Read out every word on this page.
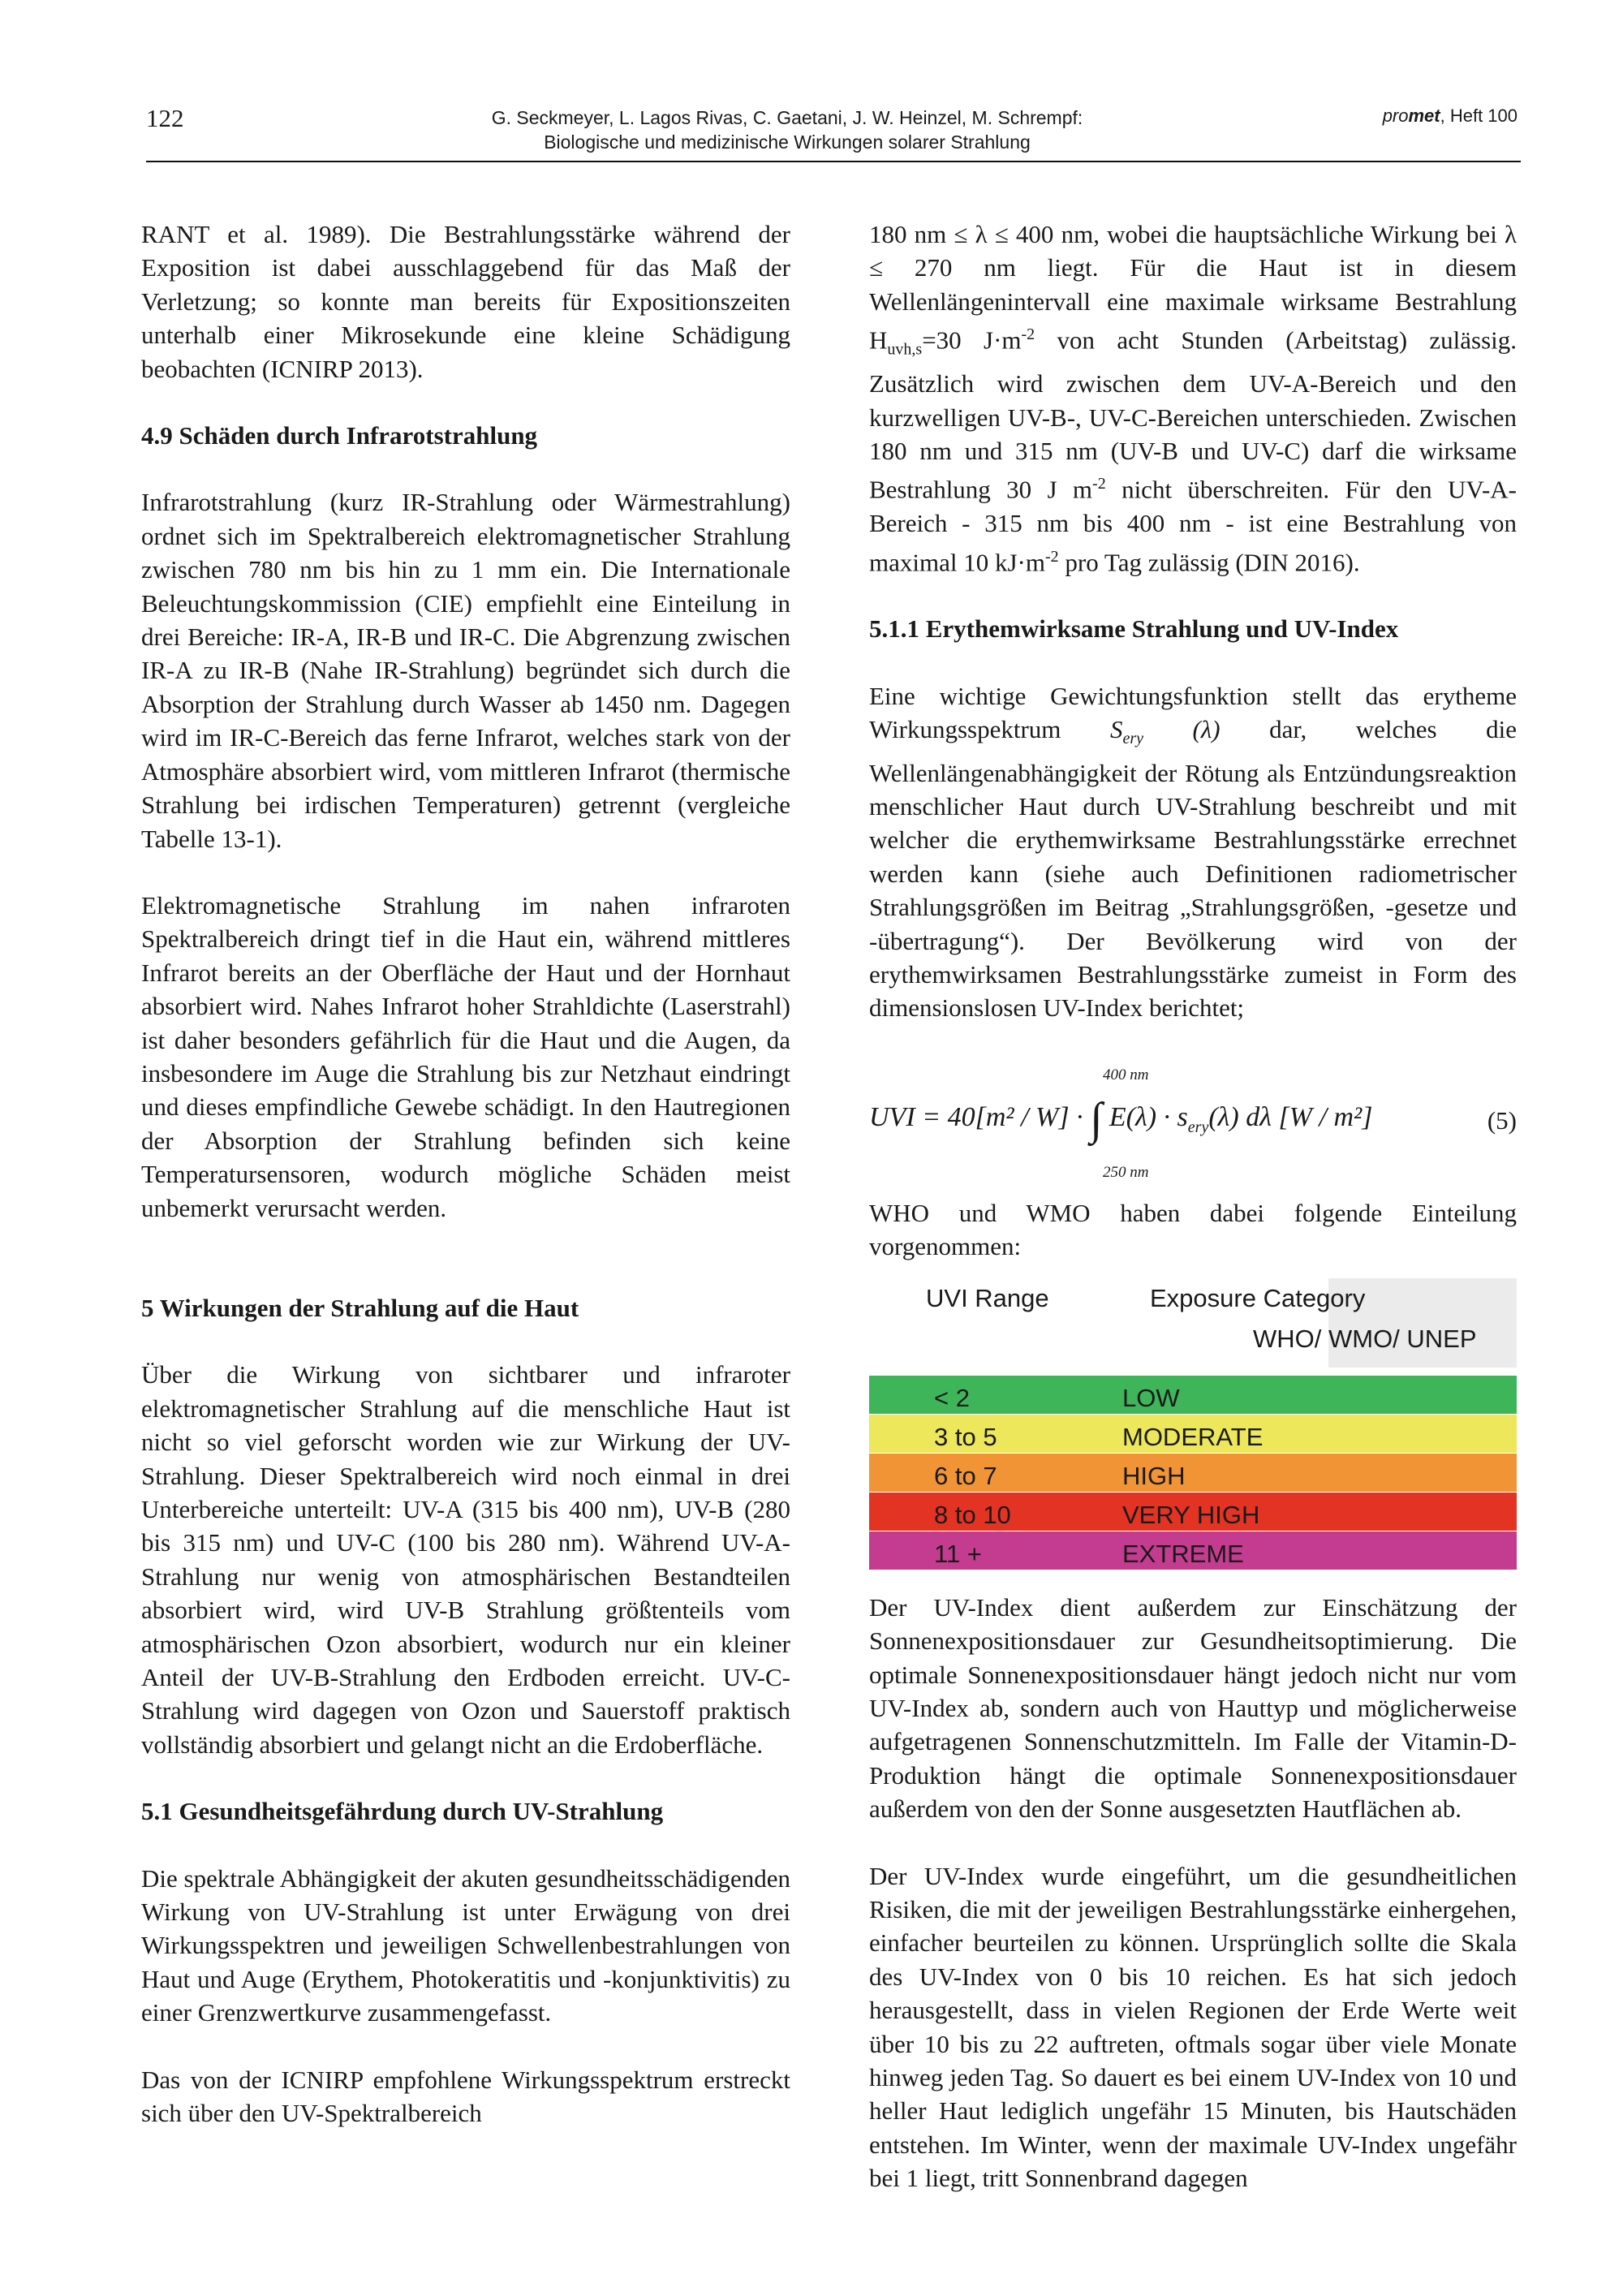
122	G. Seckmeyer, L. Lagos Rivas, C. Gaetani, J. W. Heinzel, M. Schrempf:
Biologische und medizinische Wirkungen solarer Strahlung
promet, Heft 100

RANT et al. 1989). Die Bestrahlungsstärke während der Exposition ist dabei ausschlaggebend für das Maß der Verletzung; so konnte man bereits für Expositionszeiten unterhalb einer Mikrosekunde eine kleine Schädigung beobachten (ICNIRP 2013).

4.9 Schäden durch Infrarotstrahlung

Infrarotstrahlung (kurz IR-Strahlung oder Wärmestrahlung) ordnet sich im Spektralbereich elektromagnetischer Strahlung zwischen 780 nm bis hin zu 1 mm ein. Die Internationale Beleuchtungskommission (CIE) empfiehlt eine Einteilung in drei Bereiche: IR-A, IR-B und IR-C. Die Abgrenzung zwischen IR-A zu IR-B (Nahe IR-Strahlung) begründet sich durch die Absorption der Strahlung durch Wasser ab 1450 nm. Dagegen wird im IR-C-Bereich das ferne Infrarot, welches stark von der Atmosphäre absorbiert wird, vom mittleren Infrarot (thermische Strahlung bei irdischen Temperaturen) getrennt (vergleiche Tabelle 13-1).

Elektromagnetische Strahlung im nahen infraroten Spektralbereich dringt tief in die Haut ein, während mittleres Infrarot bereits an der Oberfläche der Haut und der Hornhaut absorbiert wird. Nahes Infrarot hoher Strahldichte (Laserstrahl) ist daher besonders gefährlich für die Haut und die Augen, da insbesondere im Auge die Strahlung bis zur Netzhaut eindringt und dieses empfindliche Gewebe schädigt. In den Hautregionen der Absorption der Strahlung befinden sich keine Temperatursensoren, wodurch mögliche Schäden meist unbemerkt verursacht werden.

5 Wirkungen der Strahlung auf die Haut

Über die Wirkung von sichtbarer und infraroter elektromagnetischer Strahlung auf die menschliche Haut ist nicht so viel geforscht worden wie zur Wirkung der UV-Strahlung. Dieser Spektralbereich wird noch einmal in drei Unterbereiche unterteilt: UV-A (315 bis 400 nm), UV-B (280 bis 315 nm) und UV-C (100 bis 280 nm). Während UV-A-Strahlung nur wenig von atmosphärischen Bestandteilen absorbiert wird, wird UV-B Strahlung größtenteils vom atmosphärischen Ozon absorbiert, wodurch nur ein kleiner Anteil der UV-B-Strahlung den Erdboden erreicht. UV-C-Strahlung wird dagegen von Ozon und Sauerstoff praktisch vollständig absorbiert und gelangt nicht an die Erdoberfläche.

5.1 Gesundheitsgefährdung durch UV-Strahlung

Die spektrale Abhängigkeit der akuten gesundheitsschädigenden Wirkung von UV-Strahlung ist unter Erwägung von drei Wirkungsspektren und jeweiligen Schwellenbestrahlungen von Haut und Auge (Erythem, Photokeratitis und -konjunktivitis) zu einer Grenzwertkurve zusammengefasst.

Das von der ICNIRP empfohlene Wirkungsspektrum erstreckt sich über den UV-Spektralbereich

180 nm ≤ λ ≤ 400 nm, wobei die hauptsächliche Wirkung bei λ ≤ 270 nm liegt. Für die Haut ist in diesem Wellenlängenintervall eine maximale wirksame Bestrahlung $H_{uvh,s}=30$ $J\cdot m^{-2}$ von acht Stunden (Arbeitstag) zulässig. Zusätzlich wird zwischen dem UV-A-Bereich und den kurzwelligen UV-B-, UV-C-Bereichen unterschieden. Zwischen 180 nm und 315 nm (UV-B und UV-C) darf die wirksame Bestrahlung 30 J $m^{-2}$ nicht überschreiten. Für den UV-A-Bereich - 315 nm bis 400 nm - ist eine Bestrahlung von maximal 10 $kJ\cdot m^{-2}$ pro Tag zulässig (DIN 2016).

5.1.1 Erythemwirksame Strahlung und UV-Index

Eine wichtige Gewichtungsfunktion stellt das erytheme Wirkungsspektrum $S_{ery}$ (λ) dar, welches die Wellenlängenabhängigkeit der Rötung als Entzündungsreaktion menschlicher Haut durch UV-Strahlung beschreibt und mit welcher die erythemwirksame Bestrahlungsstärke errechnet werden kann (siehe auch Definitionen radiometrischer Strahlungsgrößen im Beitrag „Strahlungsgrößen, -gesetze und -übertragung“). Der Bevölkerung wird von der erythemwirksamen Bestrahlungsstärke zumeist in Form des dimensionslosen UV-Index berichtet;

400 nm
250 nm
UVI = 40[m² / W] · ∫ $E(\lambda) \cdot s_{ery}(\lambda)$ dλ [W / m²]	(5)

WHO und WMO haben dabei folgende Einteilung vorgenommen:

UVI Range	Exposure Category
WHO/ WMO/ UNEP
< 2	LOW
3 to 5	MODERATE
6 to 7	HIGH
8 to 10	VERY HIGH
11 +	EXTREME

Der UV-Index dient außerdem zur Einschätzung der Sonnenexpositionsdauer zur Gesundheitsoptimierung. Die optimale Sonnenexpositionsdauer hängt jedoch nicht nur vom UV-Index ab, sondern auch von Hauttyp und möglicherweise aufgetragenen Sonnenschutzmitteln. Im Falle der Vitamin-D-Produktion hängt die optimale Sonnenexpositionsdauer außerdem von den der Sonne ausgesetzten Hautflächen ab.

Der UV-Index wurde eingeführt, um die gesundheitlichen Risiken, die mit der jeweiligen Bestrahlungsstärke einhergehen, einfacher beurteilen zu können. Ursprünglich sollte die Skala des UV-Index von 0 bis 10 reichen. Es hat sich jedoch herausgestellt, dass in vielen Regionen der Erde Werte weit über 10 bis zu 22 auftreten, oftmals sogar über viele Monate hinweg jeden Tag. So dauert es bei einem UV-Index von 10 und heller Haut lediglich ungefähr 15 Minuten, bis Hautschäden entstehen. Im Winter, wenn der maximale UV-Index ungefähr bei 1 liegt, tritt Sonnenbrand dagegen
